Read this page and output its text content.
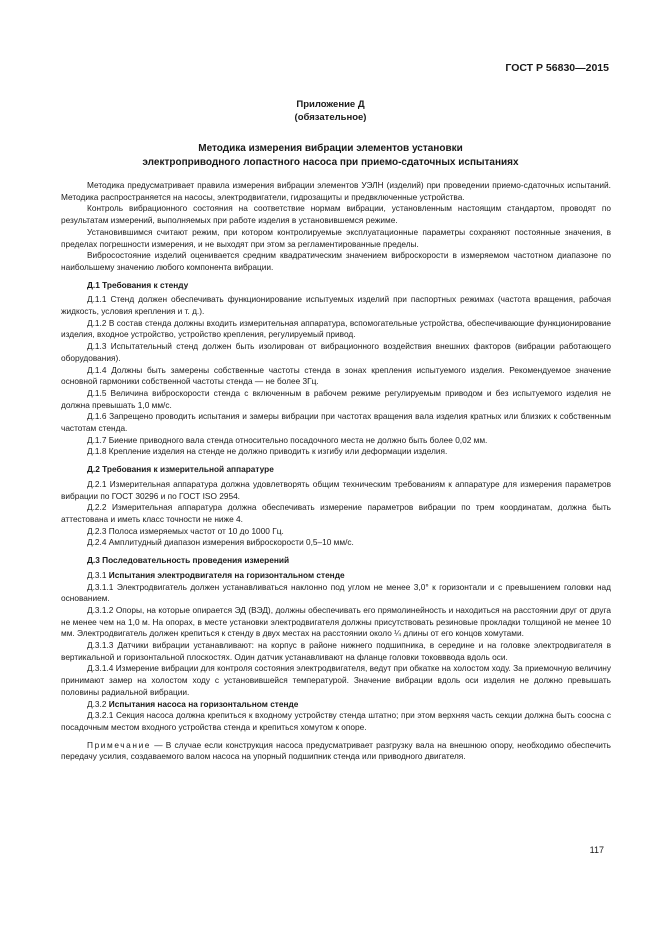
ГОСТ Р 56830—2015
Приложение Д
(обязательное)
Методика измерения вибрации элементов установки
электроприводного лопастного насоса при приемо-сдаточных испытаниях

Методика предусматривает правила измерения вибрации элементов УЭЛН (изделий) при проведении приемо-сдаточных испытаний. Методика распространяется на насосы, электродвигатели, гидрозащиты и предвключенные устройства.

Контроль вибрационного состояния на соответствие нормам вибрации, установленным настоящим стандартом, проводят по результатам измерений, выполняемых при работе изделия в установившемся режиме.

Установившимся считают режим, при котором контролируемые эксплуатационные параметры сохраняют постоянные значения, в пределах погрешности измерения, и не выходят при этом за регламентированные пределы.

Вибросостояние изделий оценивается средним квадратическим значением виброскорости в измеряемом частотном диапазоне по наибольшему значению любого компонента вибрации.

Д.1 Требования к стенду

Д.1.1 Стенд должен обеспечивать функционирование испытуемых изделий при паспортных режимах (частота вращения, рабочая жидкость, условия крепления и т. д.).

Д.1.2 В состав стенда должны входить измерительная аппаратура, вспомогательные устройства, обеспечивающие функционирование изделия, входное устройство, устройство крепления, регулируемый привод.

Д.1.3 Испытательный стенд должен быть изолирован от вибрационного воздействия внешних факторов (вибрации работающего оборудования).

Д.1.4 Должны быть замерены собственные частоты стенда в зонах крепления испытуемого изделия. Рекомендуемое значение основной гармоники собственной частоты стенда — не более 3Гц.

Д.1.5 Величина виброскорости стенда с включенным в рабочем режиме регулируемым приводом и без испытуемого изделия не должна превышать 1,0 мм/с.

Д.1.6 Запрещено проводить испытания и замеры вибрации при частотах вращения вала изделия кратных или близких к собственным частотам стенда.

Д.1.7 Биение приводного вала стенда относительно посадочного места не должно быть более 0,02 мм.

Д.1.8 Крепление изделия на стенде не должно приводить к изгибу или деформации изделия.

Д.2 Требования к измерительной аппаратуре

Д.2.1 Измерительная аппаратура должна удовлетворять общим техническим требованиям к аппаратуре для измерения параметров вибрации по ГОСТ 30296 и по ГОСТ ISO 2954.

Д.2.2 Измерительная аппаратура должна обеспечивать измерение параметров вибрации по трем координатам, должна быть аттестована и иметь класс точности не ниже 4.

Д.2.3 Полоса измеряемых частот от 10 до 1000 Гц.

Д.2.4 Амплитудный диапазон измерения виброскорости 0,5–10 мм/с.

Д.3 Последовательность проведения измерений

Д.3.1 Испытания электродвигателя на горизонтальном стенде

Д.3.1.1 Электродвигатель должен устанавливаться наклонно под углом не менее 3,0° к горизонтали и с превышением головки над основанием.

Д.3.1.2 Опоры, на которые опирается ЭД (ВЭД), должны обеспечивать его прямолинейность и находиться на расстоянии друг от друга не менее чем на 1,0 м. На опорах, в месте установки электродвигателя должны присутствовать резиновые прокладки толщиной не менее 10 мм. Электродвигатель должен крепиться к стенду в двух местах на расстоянии около ¼ длины от его концов хомутами.

Д.3.1.3 Датчики вибрации устанавливают: на корпус в районе нижнего подшипника, в середине и на головке электродвигателя в вертикальной и горизонтальной плоскостях. Один датчик устанавливают на фланце головки токовввода вдоль оси.

Д.3.1.4 Измерение вибрации для контроля состояния электродвигателя, ведут при обкатке на холостом ходу. За приемочную величину принимают замер на холостом ходу с установившейся температурой. Значение вибрации вдоль оси изделия не должно превышать половины радиальной вибрации.

Д.3.2 Испытания насоса на горизонтальном стенде

Д.3.2.1 Секция насоса должна крепиться к входному устройству стенда штатно; при этом верхняя часть секции должна быть соосна с посадочным местом входного устройства стенда и крепиться хомутом к опоре.

Примечание — В случае если конструкция насоса предусматривает разгрузку вала на внешнюю опору, необходимо обеспечить передачу усилия, создаваемого валом насоса на упорный подшипник стенда или приводного двигателя.

117
